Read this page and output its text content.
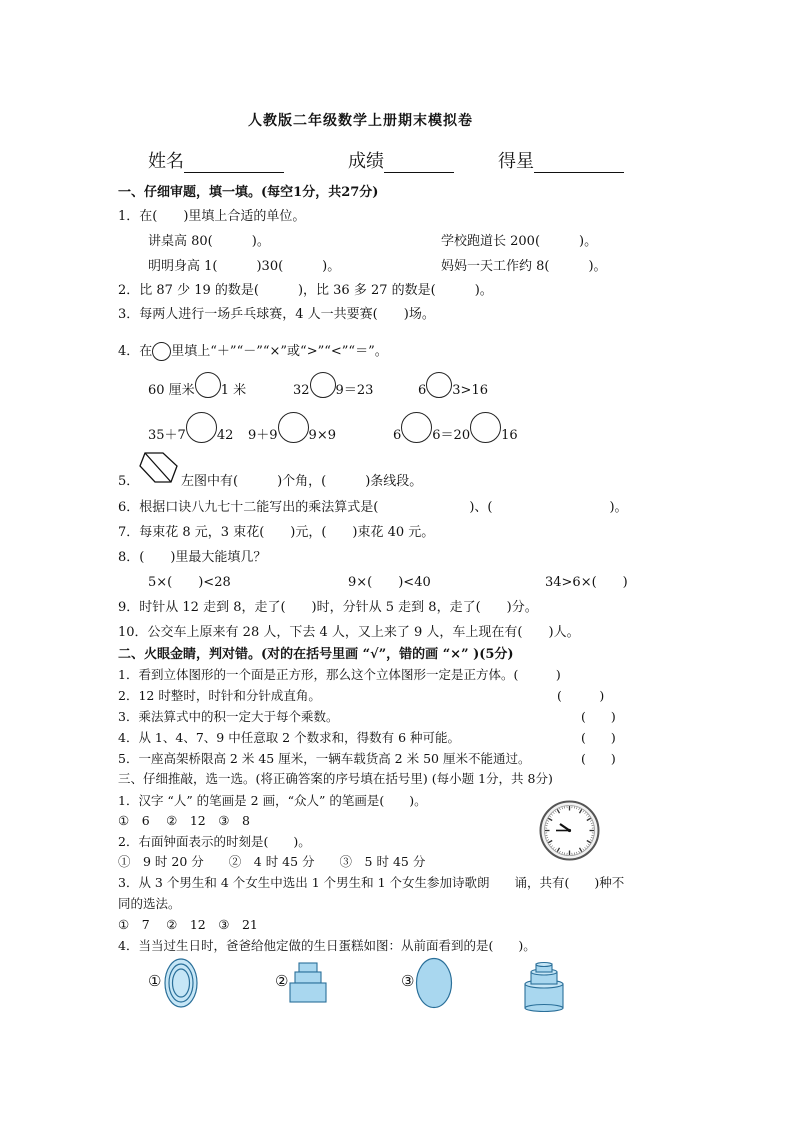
人教版二年级数学上册期末模拟卷
姓名	成绩	得星
一、仔细审题，填一填。(每空1分，共27分)
1．在(　　)里填上合适的单位。
讲桌高 80(　　　)。	学校跑道长 200(　　　)。
明明身高 1(　　　)30(　　　)。	妈妈一天工作约 8(　　　)。
2．比 87 少 19 的数是(　　　)，比 36 多 27 的数是(　　　)。
3．每两人进行一场乒乓球赛，4 人一共要赛(　　)场。
4．在 里填上“＋”“－”“×”或“>”“<”“＝”。
60 厘米 1 米	32 9＝23	6 3>16
35＋7 42 9＋9 9×9	6 6＝20 16
5．	左图中有(　　　)个角，(　　　)条线段。
6．根据口诀八九七十二能写出的乘法算式是(　　　　　　　)、(　　　　　　　　　)。
7．每束花 8 元，3 束花(　　)元，(　　)束花 40 元。
8．(　　)里最大能填几？
5×(　　)<28	9×(　　)<40	34>6×(　　)
9．时针从 12 走到 8，走了(　　)时，分针从 5 走到 8，走了(　　)分。
10．公交车上原来有 28 人，下去 4 人，又上来了 9 人，车上现在有(　　)人。
二、火眼金睛，判对错。(对的在括号里画 “√”，错的画 “×” )(5分)
1．看到立体图形的一个面是正方形，那么这个立体图形一定是正方体。(　　　)
2．12 时整时，时针和分针成直角。	(　　　)
3．乘法算式中的积一定大于每个乘数。	(　　)
4．从 1、4、7、9 中任意取 2 个数求和，得数有 6 种可能。	(　　)
5．一座高架桥限高 2 米 45 厘米，一辆车载货高 2 米 50 厘米不能通过。	(　　)
三、仔细推敲，选一选。(将正确答案的序号填在括号里) (每小题 1分，共 8分)
1．汉字 “人” 的笔画是 2 画，“众人” 的笔画是(　　)。
①　6　 ②　12　③　8
2．右面钟面表示的时刻是(　　)。
①　9 时 20 分　　②　4 时 45 分　　③　5 时 45 分
3．从 3 个男生和 4 个女生中选出 1 个男生和 1 个女生参加诗歌朗　　诵，共有(　　)种不
同的选法。
①　7　 ②　12　③　21
4．当当过生日时，爸爸给他定做的生日蛋糕如图：从前面看到的是(　　)。
①	②	③
